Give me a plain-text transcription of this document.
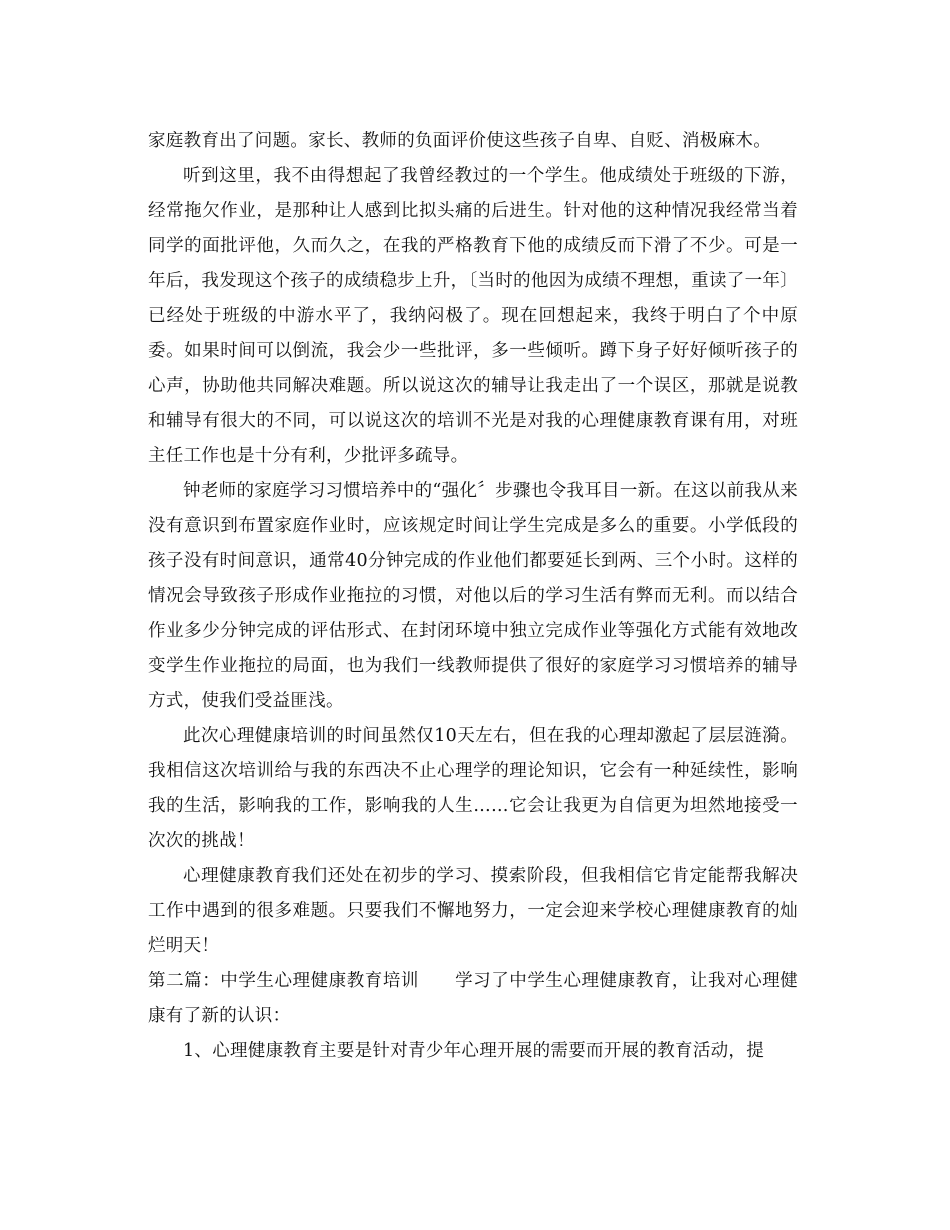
家庭教育出了问题。家长、教师的负面评价使这些孩子自卑、自贬、消极麻木。

听到这里，我不由得想起了我曾经教过的一个学生。他成绩处于班级的下游，经常拖欠作业，是那种让人感到比拟头痛的后进生。针对他的这种情况我经常当着同学的面批评他，久而久之，在我的严格教育下他的成绩反而下滑了不少。可是一年后，我发现这个孩子的成绩稳步上升，〔当时的他因为成绩不理想，重读了一年〕已经处于班级的中游水平了，我纳闷极了。现在回想起来，我终于明白了个中原委。如果时间可以倒流，我会少一些批评，多一些倾听。蹲下身子好好倾听孩子的心声，协助他共同解决难题。所以说这次的辅导让我走出了一个误区，那就是说教和辅导有很大的不同，可以说这次的培训不光是对我的心理健康教育课有用，对班主任工作也是十分有利，少批评多疏导。

钟老师的家庭学习习惯培养中的“强化〞步骤也令我耳目一新。在这以前我从来没有意识到布置家庭作业时，应该规定时间让学生完成是多么的重要。小学低段的孩子没有时间意识，通常40分钟完成的作业他们都要延长到两、三个小时。这样的情况会导致孩子形成作业拖拉的习惯，对他以后的学习生活有弊而无利。而以结合作业多少分钟完成的评估形式、在封闭环境中独立完成作业等强化方式能有效地改变学生作业拖拉的局面，也为我们一线教师提供了很好的家庭学习习惯培养的辅导方式，使我们受益匪浅。

此次心理健康培训的时间虽然仅10天左右，但在我的心理却激起了层层涟漪。我相信这次培训给与我的东西决不止心理学的理论知识，它会有一种延续性，影响我的生活，影响我的工作，影响我的人生……它会让我更为自信更为坦然地接受一次次的挑战！

心理健康教育我们还处在初步的学习、摸索阶段，但我相信它肯定能帮我解决工作中遇到的很多难题。只要我们不懈地努力，一定会迎来学校心理健康教育的灿烂明天！

第二篇：中学生心理健康教育培训　　学习了中学生心理健康教育，让我对心理健康有了新的认识：

1、心理健康教育主要是针对青少年心理开展的需要而开展的教育活动，提
